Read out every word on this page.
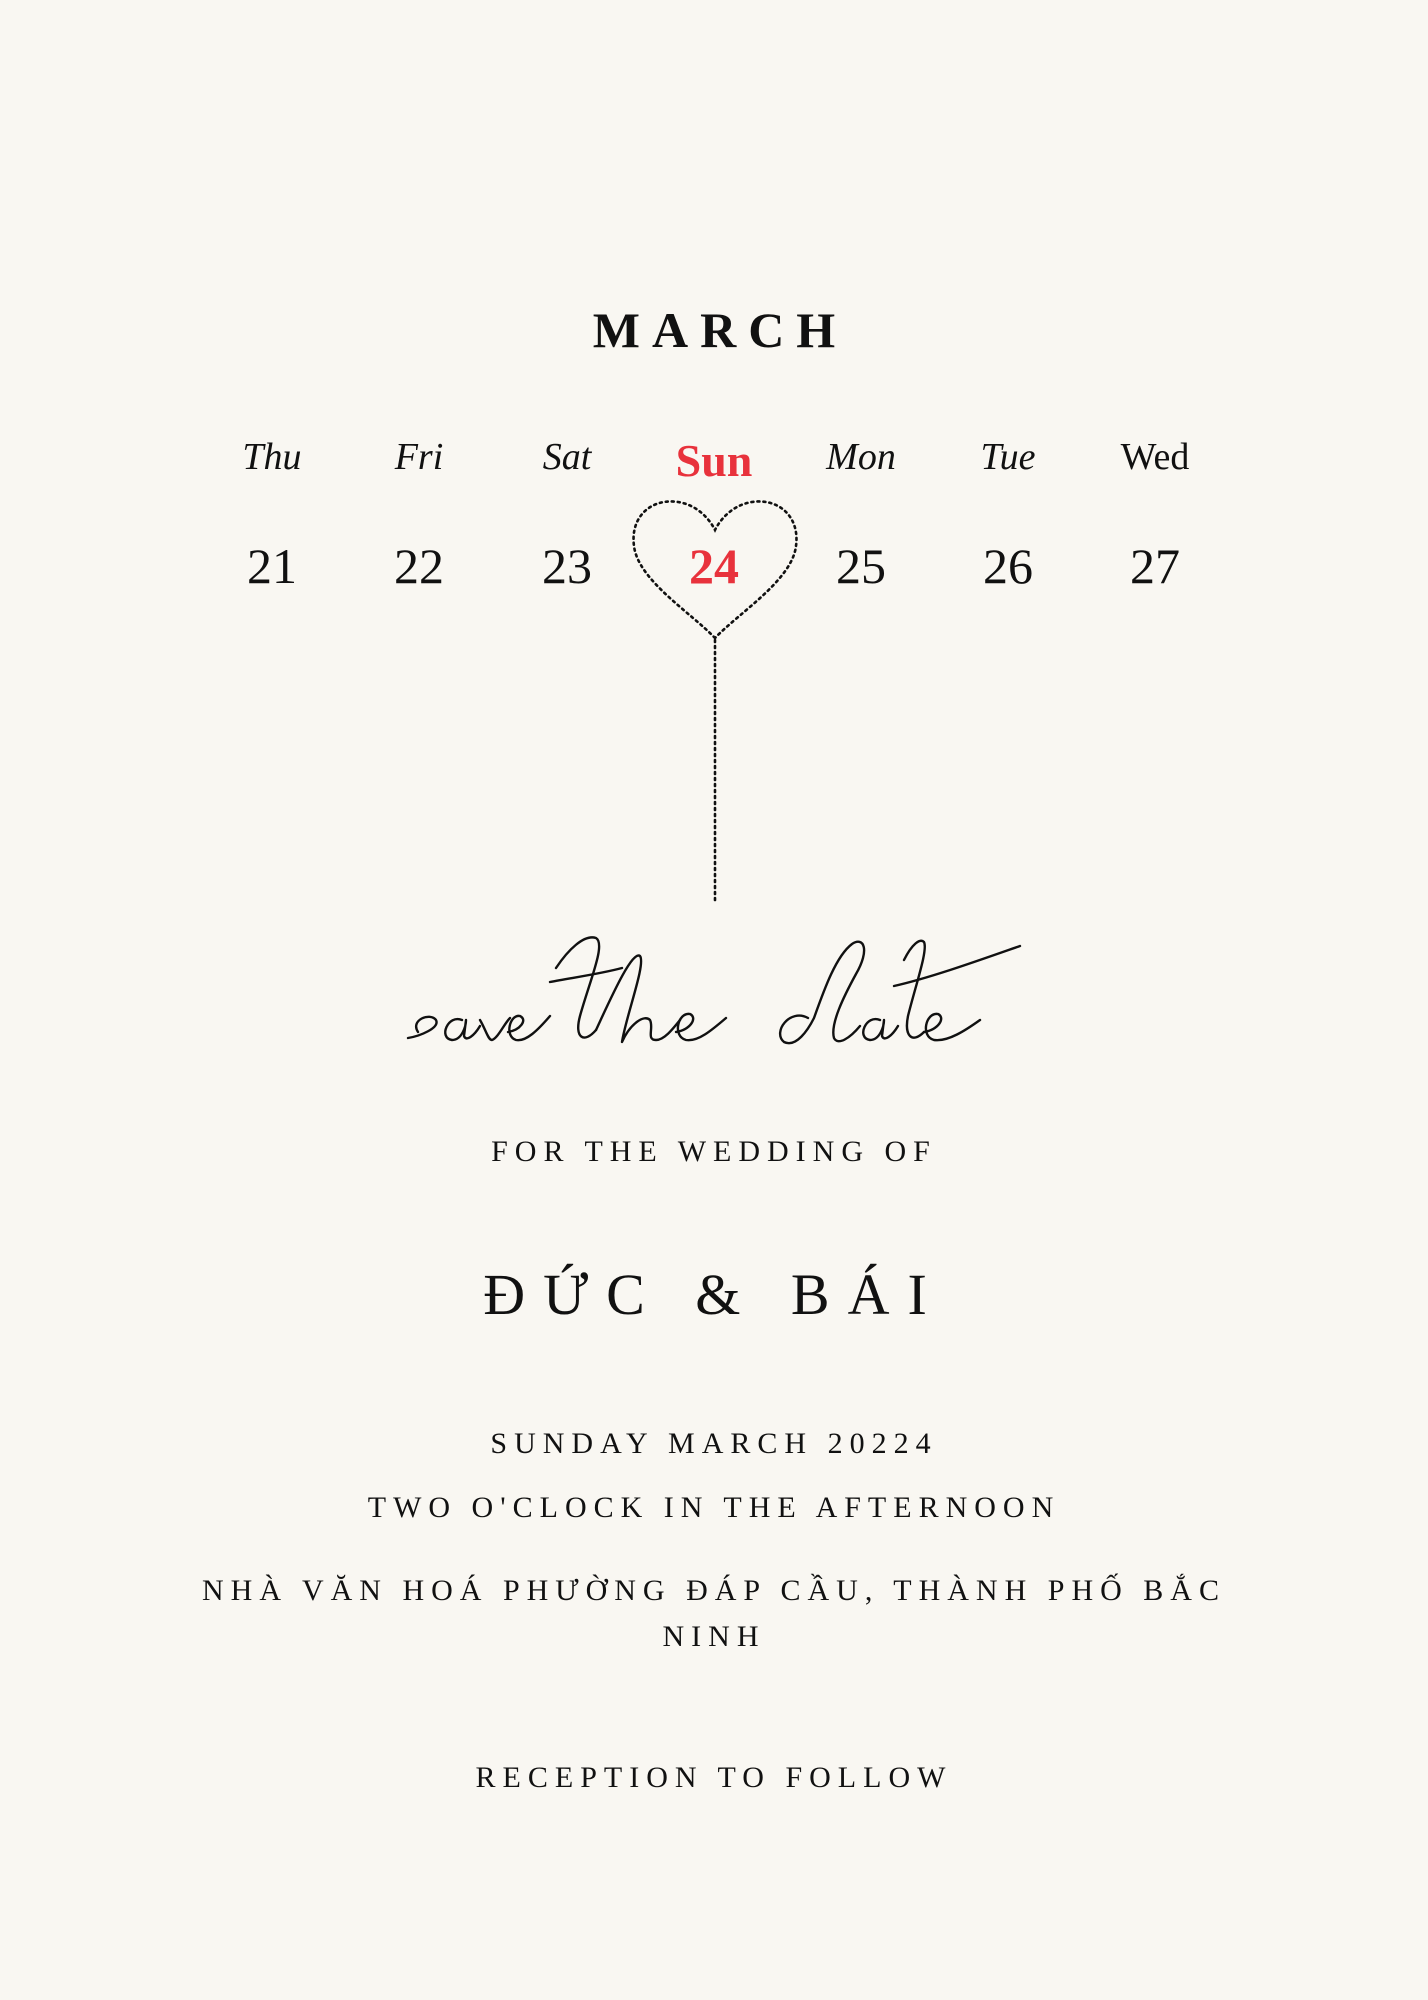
MARCH
Thu	Fri	Sat	Sun	Mon	Tue	Wed
21	22	23	24	25	26	27
FOR THE WEDDING OF
ĐỨC & BÁI
SUNDAY MARCH 20224
TWO O'CLOCK IN THE AFTERNOON
NHÀ VĂN HOÁ PHƯỜNG ĐÁP CẦU, THÀNH PHỐ BẮC NINH
RECEPTION TO FOLLOW
